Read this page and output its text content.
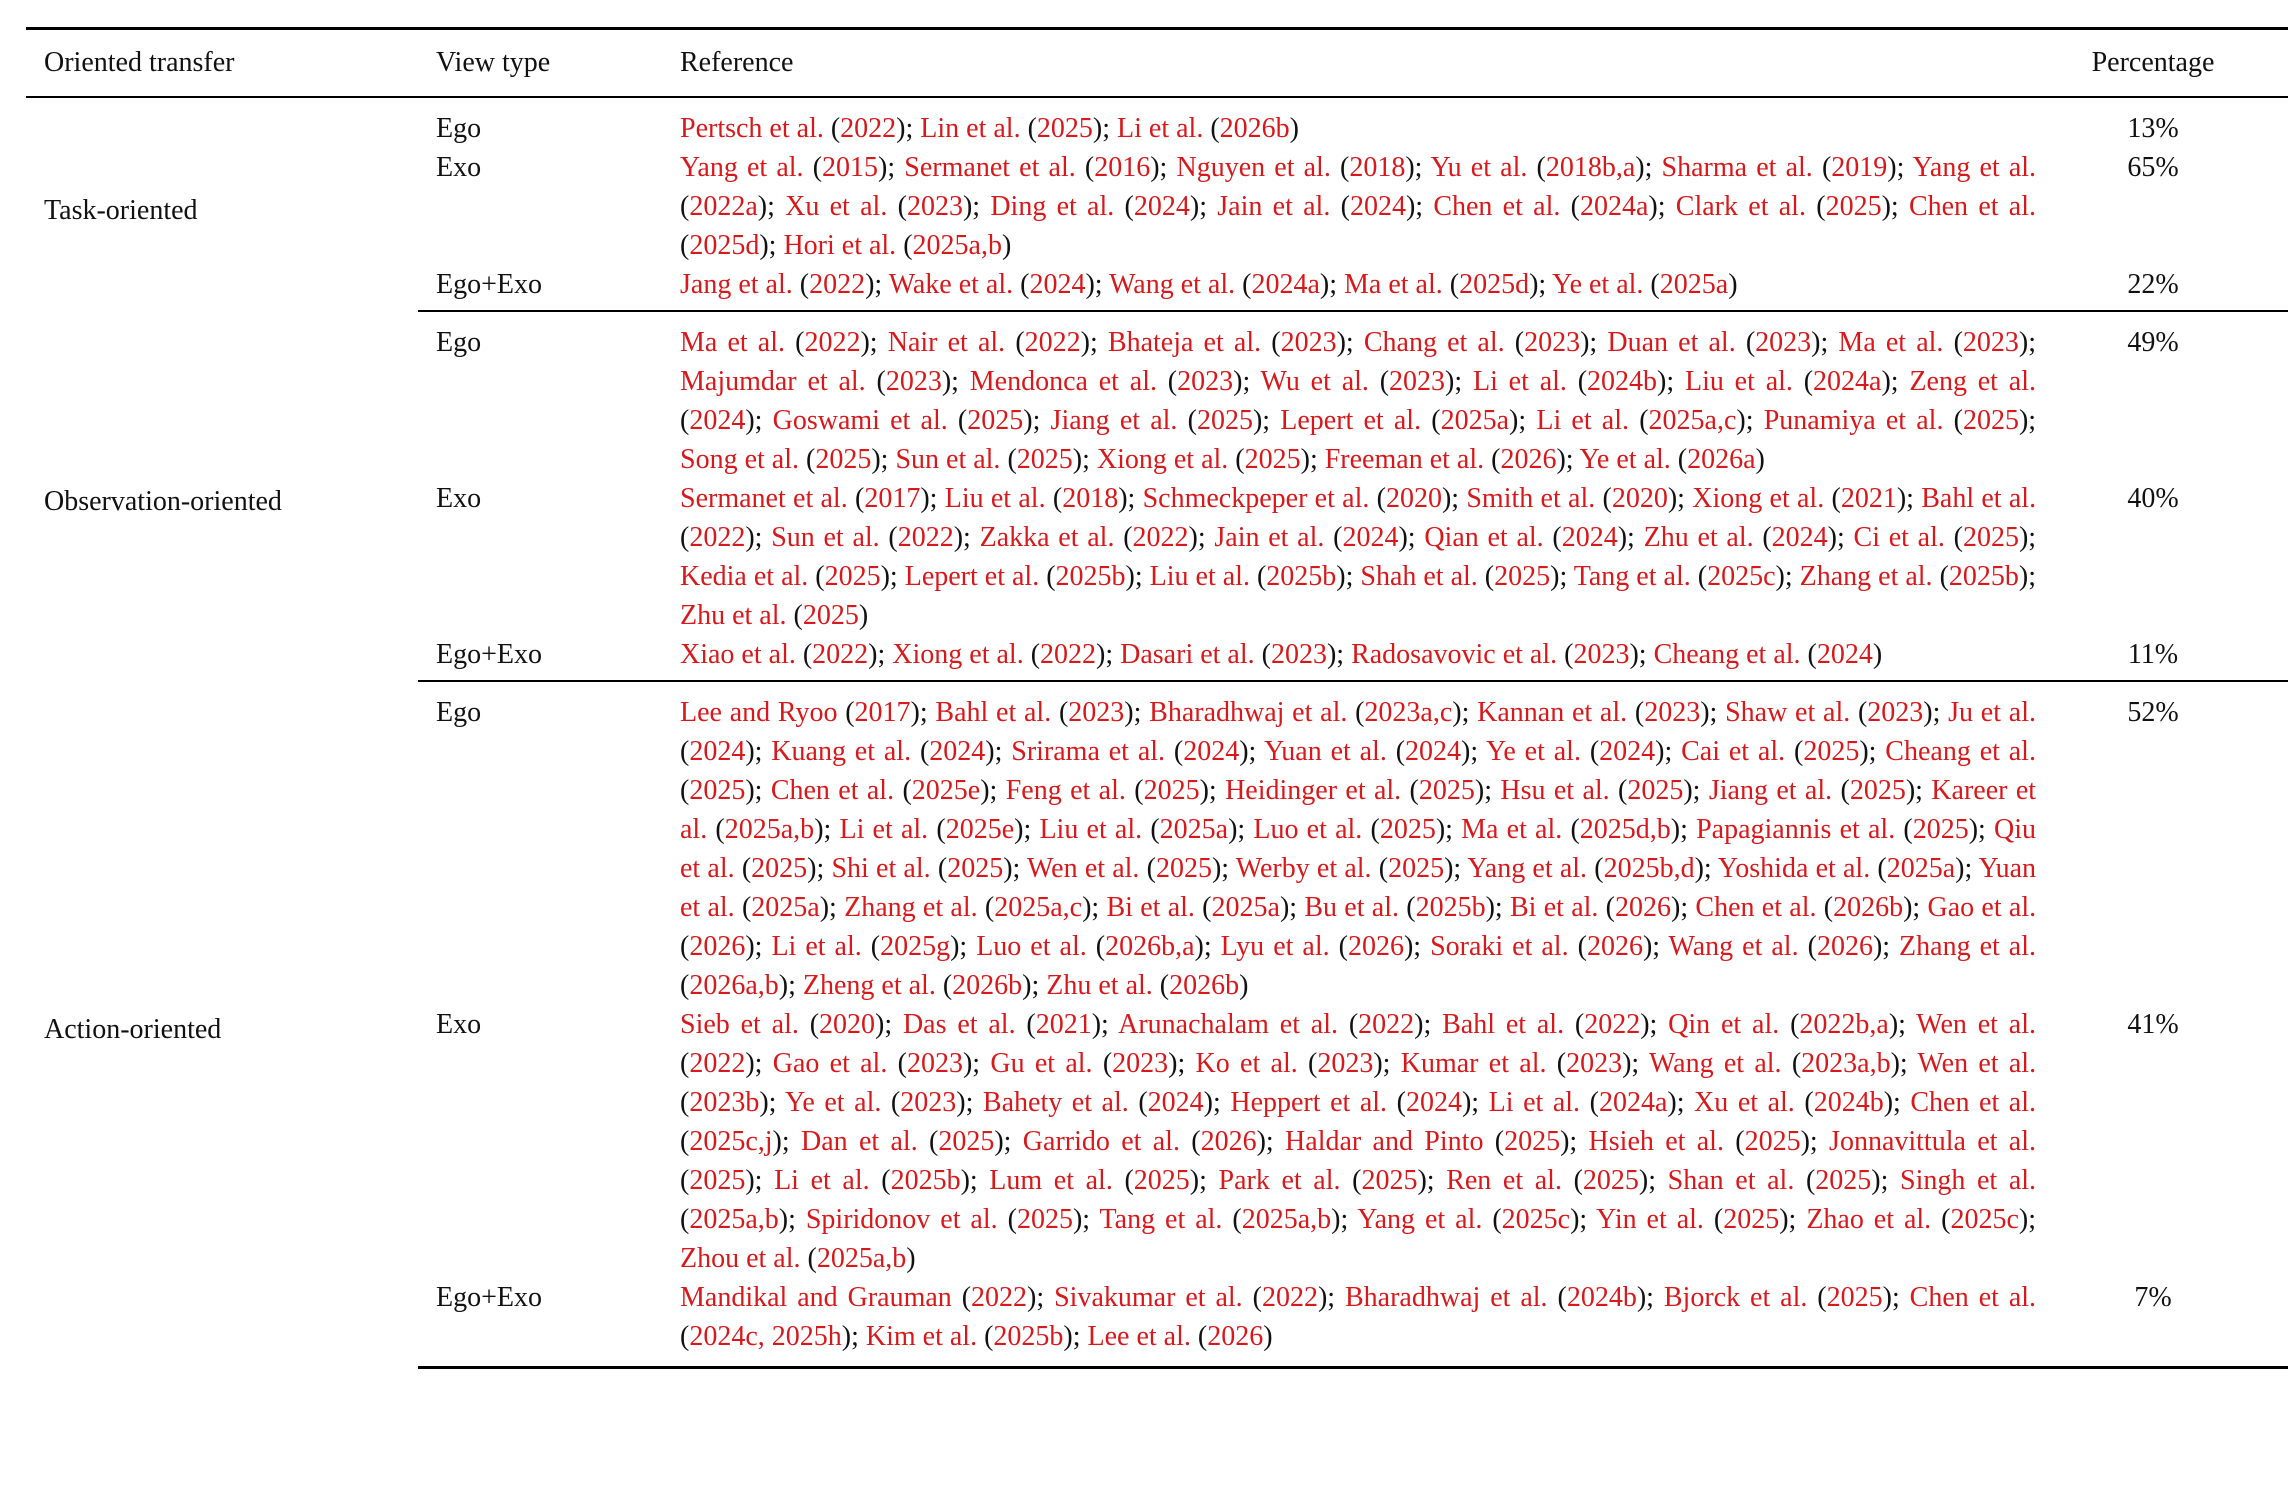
Oriented transfer	View type	Reference	Percentage
Task-oriented	Ego	Pertsch et al. (2022); Lin et al. (2025); Li et al. (2026b)	13%
	Exo	Yang et al. (2015); Sermanet et al. (2016); Nguyen et al. (2018); Yu et al. (2018b,a); Sharma et al. (2019); Yang et al. (2022a); Xu et al. (2023); Ding et al. (2024); Jain et al. (2024); Chen et al. (2024a); Clark et al. (2025); Chen et al. (2025d); Hori et al. (2025a,b)	65%
	Ego+Exo	Jang et al. (2022); Wake et al. (2024); Wang et al. (2024a); Ma et al. (2025d); Ye et al. (2025a)	22%
Observation-oriented	Ego	Ma et al. (2022); Nair et al. (2022); Bhateja et al. (2023); Chang et al. (2023); Duan et al. (2023); Ma et al. (2023); Majumdar et al. (2023); Mendonca et al. (2023); Wu et al. (2023); Li et al. (2024b); Liu et al. (2024a); Zeng et al. (2024); Goswami et al. (2025); Jiang et al. (2025); Lepert et al. (2025a); Li et al. (2025a,c); Punamiya et al. (2025); Song et al. (2025); Sun et al. (2025); Xiong et al. (2025); Freeman et al. (2026); Ye et al. (2026a)	49%
	Exo	Sermanet et al. (2017); Liu et al. (2018); Schmeckpeper et al. (2020); Smith et al. (2020); Xiong et al. (2021); Bahl et al. (2022); Sun et al. (2022); Zakka et al. (2022); Jain et al. (2024); Qian et al. (2024); Zhu et al. (2024); Ci et al. (2025); Kedia et al. (2025); Lepert et al. (2025b); Liu et al. (2025b); Shah et al. (2025); Tang et al. (2025c); Zhang et al. (2025b); Zhu et al. (2025)	40%
	Ego+Exo	Xiao et al. (2022); Xiong et al. (2022); Dasari et al. (2023); Radosavovic et al. (2023); Cheang et al. (2024)	11%
Action-oriented	Ego	Lee and Ryoo (2017); Bahl et al. (2023); Bharadhwaj et al. (2023a,c); Kannan et al. (2023); Shaw et al. (2023); Ju et al. (2024); Kuang et al. (2024); Srirama et al. (2024); Yuan et al. (2024); Ye et al. (2024); Cai et al. (2025); Cheang et al. (2025); Chen et al. (2025e); Feng et al. (2025); Heidinger et al. (2025); Hsu et al. (2025); Jiang et al. (2025); Kareer et al. (2025a,b); Li et al. (2025e); Liu et al. (2025a); Luo et al. (2025); Ma et al. (2025d,b); Papagiannis et al. (2025); Qiu et al. (2025); Shi et al. (2025); Wen et al. (2025); Werby et al. (2025); Yang et al. (2025b,d); Yoshida et al. (2025a); Yuan et al. (2025a); Zhang et al. (2025a,c); Bi et al. (2025a); Bu et al. (2025b); Bi et al. (2026); Chen et al. (2026b); Gao et al. (2026); Li et al. (2025g); Luo et al. (2026b,a); Lyu et al. (2026); Soraki et al. (2026); Wang et al. (2026); Zhang et al. (2026a,b); Zheng et al. (2026b); Zhu et al. (2026b)	52%
	Exo	Sieb et al. (2020); Das et al. (2021); Arunachalam et al. (2022); Bahl et al. (2022); Qin et al. (2022b,a); Wen et al. (2022); Gao et al. (2023); Gu et al. (2023); Ko et al. (2023); Kumar et al. (2023); Wang et al. (2023a,b); Wen et al. (2023b); Ye et al. (2023); Bahety et al. (2024); Heppert et al. (2024); Li et al. (2024a); Xu et al. (2024b); Chen et al. (2025c,j); Dan et al. (2025); Garrido et al. (2026); Haldar and Pinto (2025); Hsieh et al. (2025); Jonnavittula et al. (2025); Li et al. (2025b); Lum et al. (2025); Park et al. (2025); Ren et al. (2025); Shan et al. (2025); Singh et al. (2025a,b); Spiridonov et al. (2025); Tang et al. (2025a,b); Yang et al. (2025c); Yin et al. (2025); Zhao et al. (2025c); Zhou et al. (2025a,b)	41%
	Ego+Exo	Mandikal and Grauman (2022); Sivakumar et al. (2022); Bharadhwaj et al. (2024b); Bjorck et al. (2025); Chen et al. (2024c, 2025h); Kim et al. (2025b); Lee et al. (2026)	7%
